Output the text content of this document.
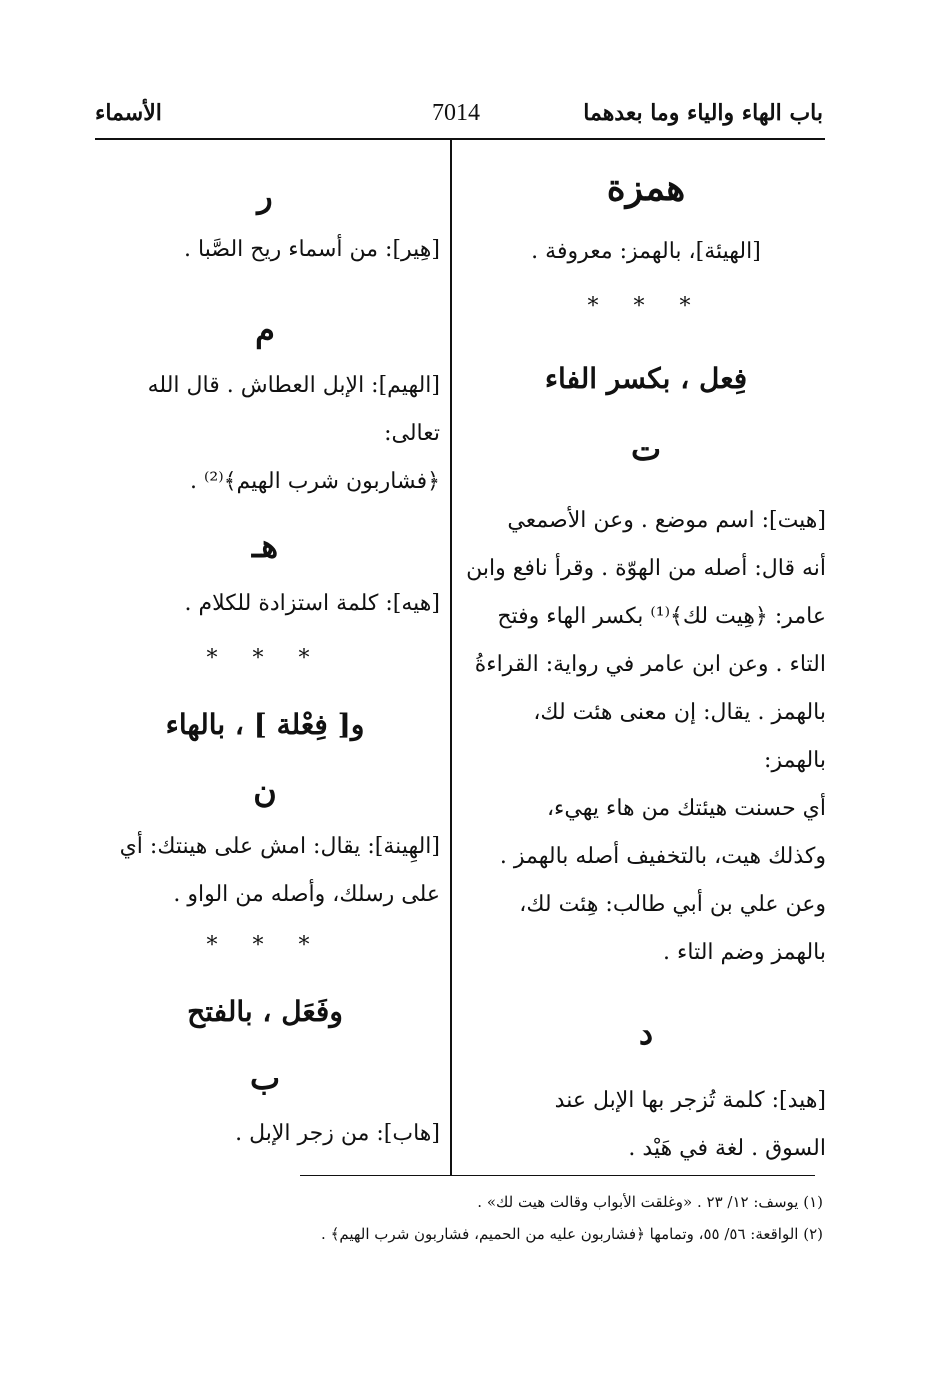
باب الهاء والياء وما بعدهما
7014
الأسماء
همزة

[الهيئة]، بالهمز: معروفة .

* * *
فِعل ، بكسر الفاء
ت

[هيت]: اسم موضع . وعن الأصمعي

أنه قال: أصله من الهوّة . وقرأ نافع وابن

عامر: ﴿هِيت لك﴾⁽¹⁾ بكسر الهاء وفتح

التاء . وعن ابن عامر في رواية: القراءةُ

بالهمز . يقال: إن معنى هئت لك، بالهمز:

أي حسنت هيئتك من هاء يهيء،

وكذلك هيت، بالتخفيف أصله بالهمز .

وعن علي بن أبي طالب: هِئت لك،

بالهمز وضم التاء .

د

[هيد]: كلمة تُزجر بها الإبل عند

السوق . لغة في هَيْد .

ر

[هِير]: من أسماء ريح الصَّبا .

م

[الهيم]: الإبل العطاش . قال الله تعالى:

﴿فشاربون شرب الهيم﴾⁽²⁾ .

هـ

[هيه]: كلمة استزادة للكلام .

* * *
و[ فِعْلة ] ، بالهاء
ن

[الهِينة]: يقال: امش على هينتك: أي

على رسلك، وأصله من الواو .

* * *
وفَعَل ، بالفتح
ب

[هاب]: من زجر الإبل .

(١) يوسف: ١٢/ ٢٣ . «وغلقت الأبواب وقالت هيت لك» .
(٢) الواقعة: ٥٦/ ٥٥، وتمامها ﴿فشاربون عليه من الحميم، فشاربون شرب الهيم﴾ .
